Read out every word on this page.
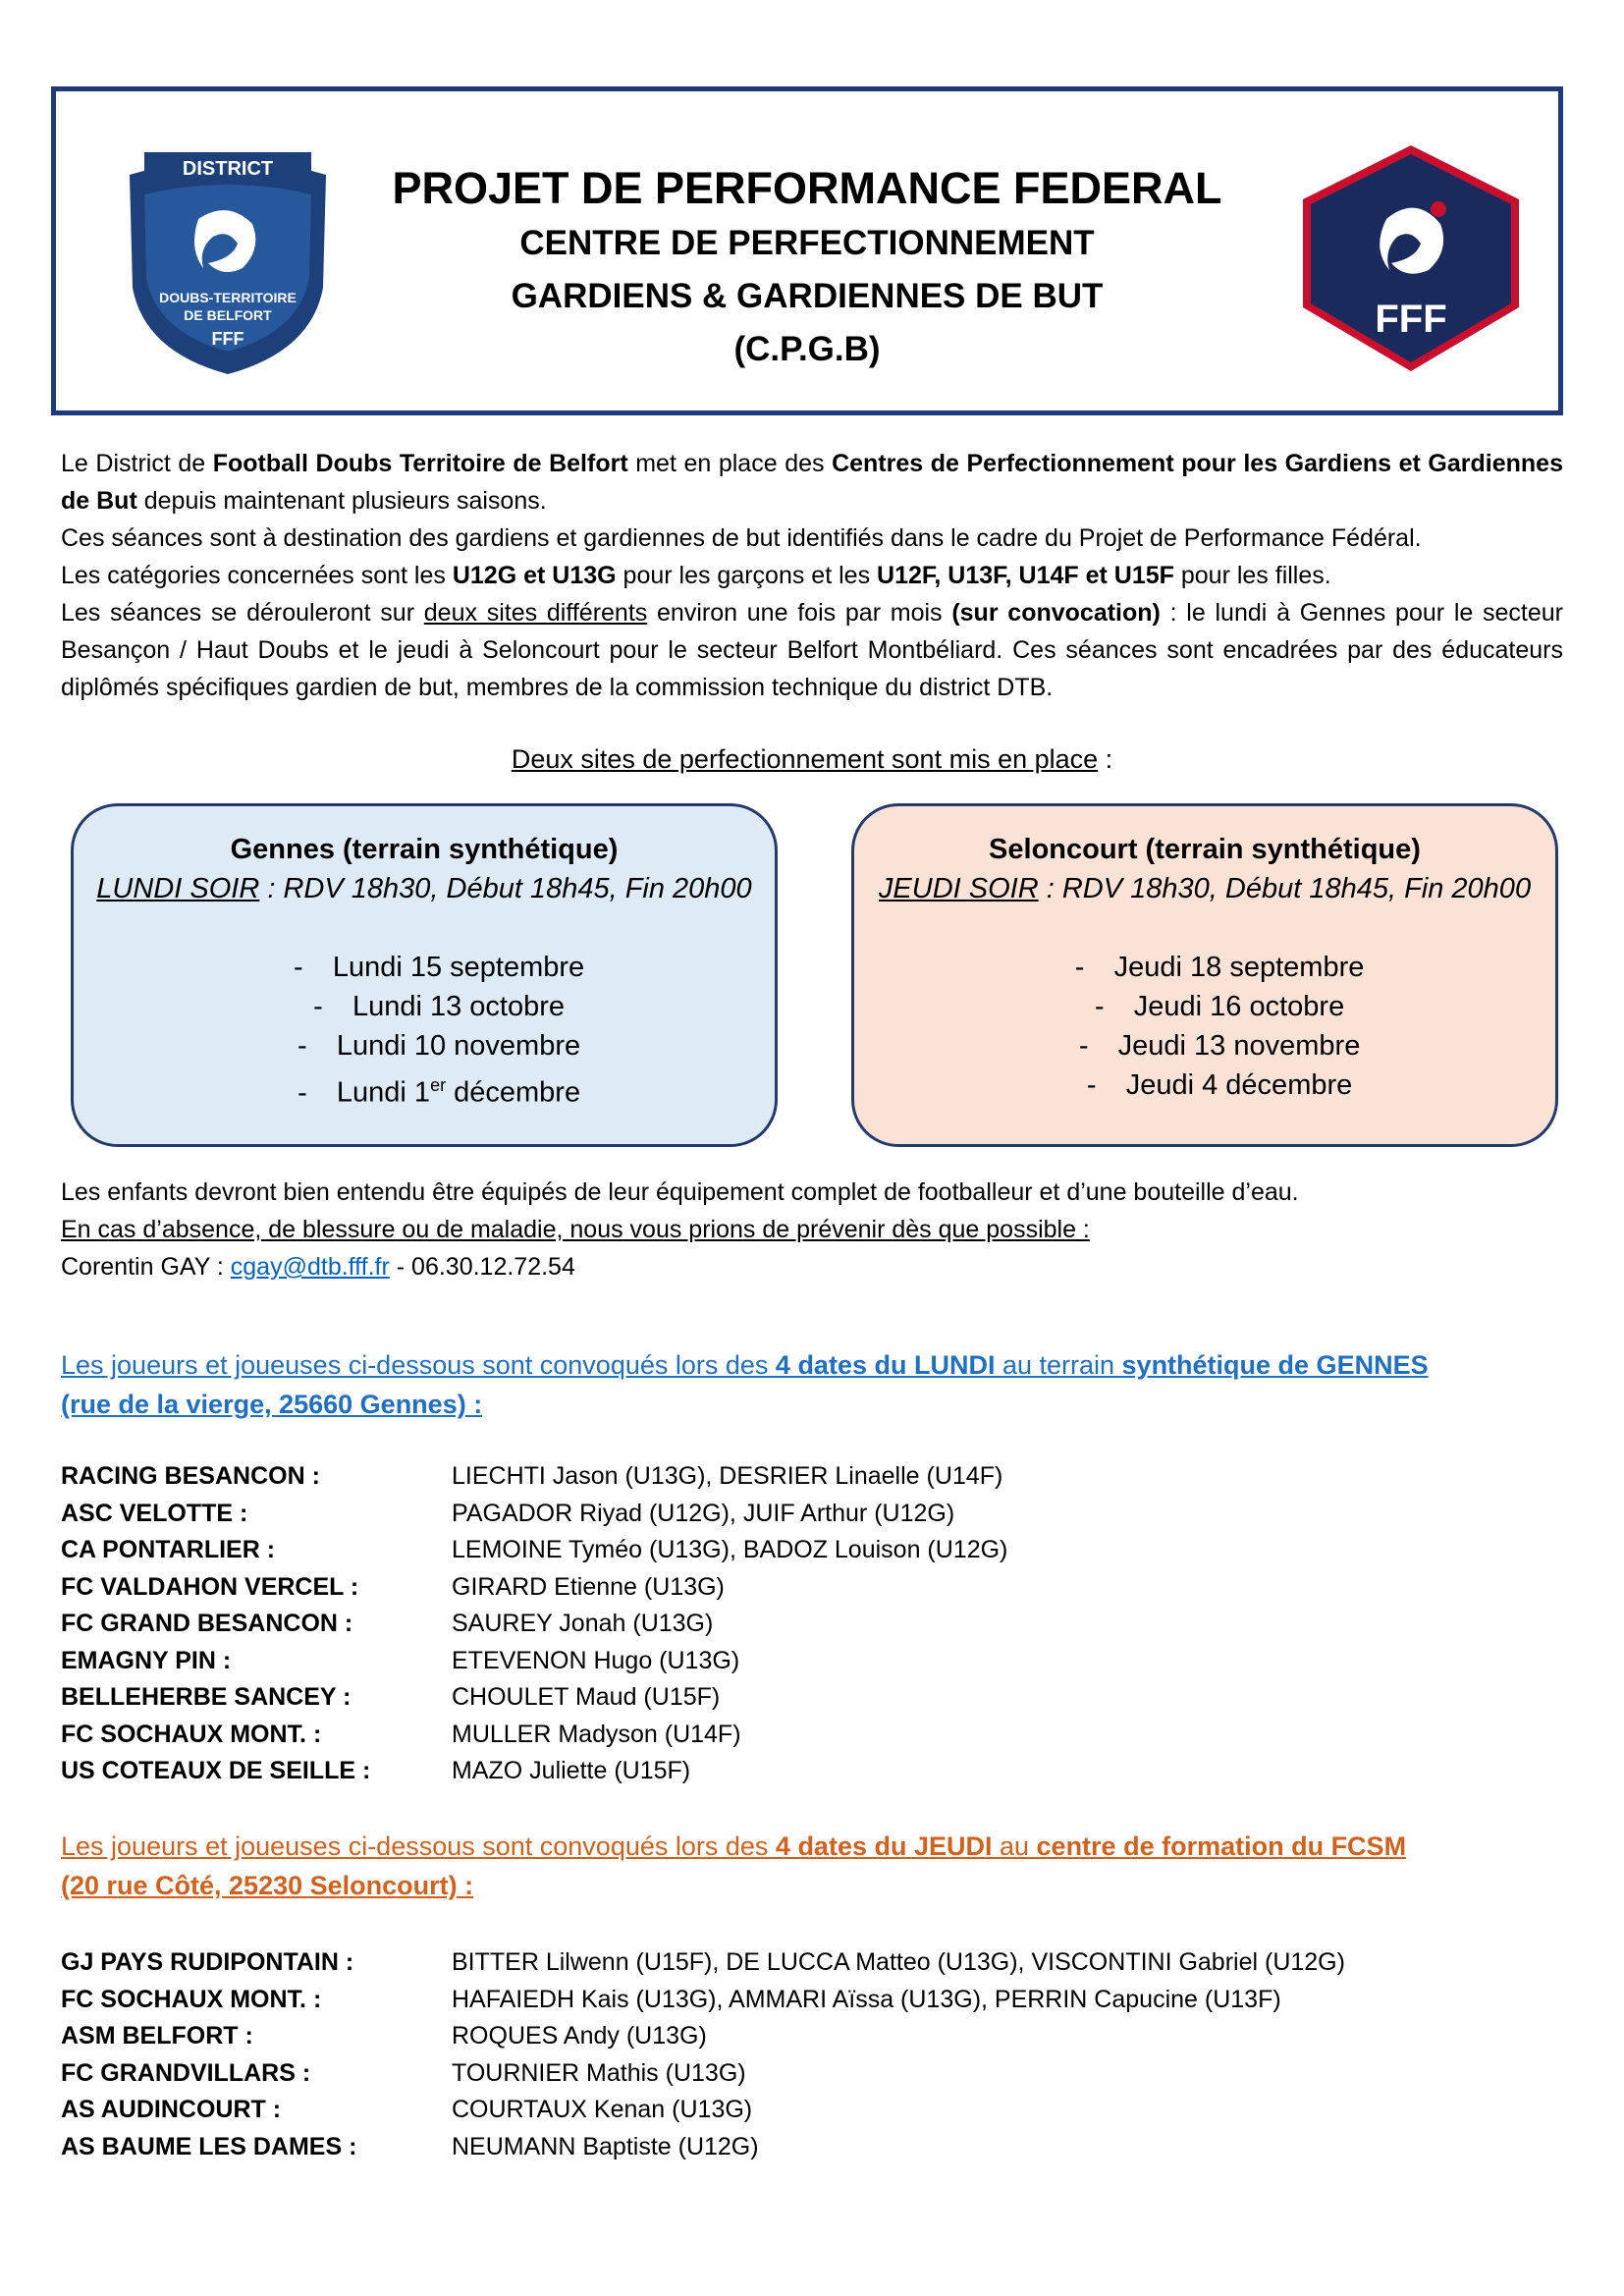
DISTRICT
DOUBS-TERRITOIRE
DE BELFORT
FFF
PROJET DE PERFORMANCE FEDERAL
CENTRE DE PERFECTIONNEMENT
GARDIENS & GARDIENNES DE BUT
(C.P.G.B)
FFF

Le District de Football Doubs Territoire de Belfort met en place des Centres de Perfectionnement pour les Gardiens et Gardiennes de But depuis maintenant plusieurs saisons.

Ces séances sont à destination des gardiens et gardiennes de but identifiés dans le cadre du Projet de Performance Fédéral.

Les catégories concernées sont les U12G et U13G pour les garçons et les U12F, U13F, U14F et U15F pour les filles.

Les séances se dérouleront sur deux sites différents environ une fois par mois (sur convocation) : le lundi à Gennes pour le secteur Besançon / Haut Doubs et le jeudi à Seloncourt pour le secteur Belfort Montbéliard. Ces séances sont encadrées par des éducateurs diplômés spécifiques gardien de but, membres de la commission technique du district DTB.

Deux sites de perfectionnement sont mis en place :
Gennes (terrain synthétique)
LUNDI SOIR : RDV 18h30, Début 18h45, Fin 20h00
- Lundi 15 septembre
- Lundi 13 octobre
- Lundi 10 novembre
- Lundi 1er décembre
Seloncourt (terrain synthétique)
JEUDI SOIR : RDV 18h30, Début 18h45, Fin 20h00
- Jeudi 18 septembre
- Jeudi 16 octobre
- Jeudi 13 novembre
- Jeudi 4 décembre

Les enfants devront bien entendu être équipés de leur équipement complet de footballeur et d’une bouteille d’eau.

En cas d’absence, de blessure ou de maladie, nous vous prions de prévenir dès que possible :

Corentin GAY : cgay@dtb.fff.fr - 06.30.12.72.54

Les joueurs et joueuses ci-dessous sont convoqués lors des 4 dates du LUNDI au terrain synthétique de GENNES
(rue de la vierge, 25660 Gennes) :
RACING BESANCON :	LIECHTI Jason (U13G), DESRIER Linaelle (U14F)
ASC VELOTTE :	PAGADOR Riyad (U12G), JUIF Arthur (U12G)
CA PONTARLIER :	LEMOINE Tyméo (U13G), BADOZ Louison (U12G)
FC VALDAHON VERCEL :	GIRARD Etienne (U13G)
FC GRAND BESANCON :	SAUREY Jonah (U13G)
EMAGNY PIN :	ETEVENON Hugo (U13G)
BELLEHERBE SANCEY :	CHOULET Maud (U15F)
FC SOCHAUX MONT. :	MULLER Madyson (U14F)
US COTEAUX DE SEILLE :	MAZO Juliette (U15F)
Les joueurs et joueuses ci-dessous sont convoqués lors des 4 dates du JEUDI au centre de formation du FCSM
(20 rue Côté, 25230 Seloncourt) :
GJ PAYS RUDIPONTAIN :	BITTER Lilwenn (U15F), DE LUCCA Matteo (U13G), VISCONTINI Gabriel (U12G)
FC SOCHAUX MONT. :	HAFAIEDH Kais (U13G), AMMARI Aïssa (U13G), PERRIN Capucine (U13F)
ASM BELFORT :	ROQUES Andy (U13G)
FC GRANDVILLARS :	TOURNIER Mathis (U13G)
AS AUDINCOURT :	COURTAUX Kenan (U13G)
AS BAUME LES DAMES :	NEUMANN Baptiste (U12G)
